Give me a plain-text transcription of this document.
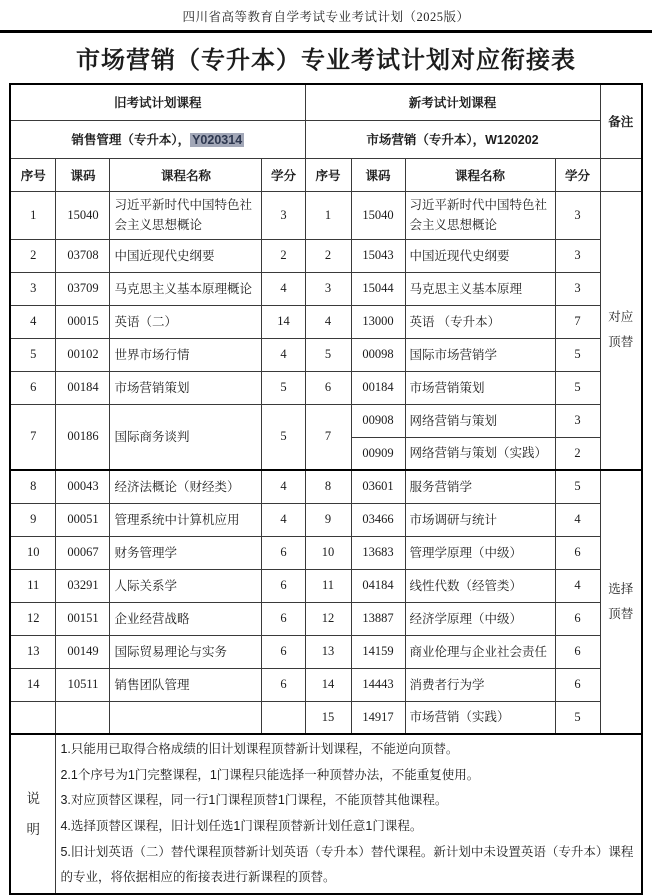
四川省高等教育自学考试专业考试计划（2025版）
市场营销（专升本）专业考试计划对应衔接表
旧考试计划课程				新考试计划课程				备注
销售管理（专升本）， Y020314				市场营销（专升本），W120202				
序号	课码	课程名称	学分	序号	课码	课程名称	学分	
1	15040	习近平新时代中国特色社会主义思想概论	3	1	15040	习近平新时代中国特色社会主义思想概论	3	对应顶替

2	03708	中国近现代史纲要	2	2	15043	中国近现代史纲要	3	
3	03709	马克思主义基本原理概论	4	3	15044	马克思主义基本原理	3	
4	00015	英语（二）	14	4	13000	英语 （专升本）	7	
5	00102	世界市场行情	4	5	00098	国际市场营销学	5	
6	00184	市场营销策划	5	6	00184	市场营销策划	5	
7	00186	国际商务谈判	5	7	00908	网络营销与策划	3	
					00909	网络营销与策划（实践）	2	
8	00043	经济法概论（财经类）	4	8	03601	服务营销学	5	选择顶替

9	00051	管理系统中计算机应用	4	9	03466	市场调研与统计	4	
10	00067	财务管理学	6	10	13683	管理学原理（中级）	6	
11	03291	人际关系学	6	11	04184	线性代数（经管类）	4	
12	00151	企业经营战略	6	12	13887	经济学原理（中级）	6	
13	00149	国际贸易理论与实务	6	13	14159	商业伦理与企业社会责任	6	
14	10511	销售团队管理	6	14	14443	消费者行为学	6	
				15	14917	市场营销（实践）	5	

说明	1.只能用已取得合格成绩的旧计划课程顶替新计划课程，不能逆向顶替。
2.1个序号为1门完整课程，1门课程只能选择一种顶替办法，不能重复使用。
3.对应顶替区课程，同一行1门课程顶替1门课程，不能顶替其他课程。
4.选择顶替区课程，旧计划任选1门课程顶替新计划任意1门课程。
5.旧计划英语（二）替代课程顶替新计划英语（专升本）替代课程。新计划中未设置英语（专升本）课程的专业，将依据相应的衔接表进行新课程的顶替。							
